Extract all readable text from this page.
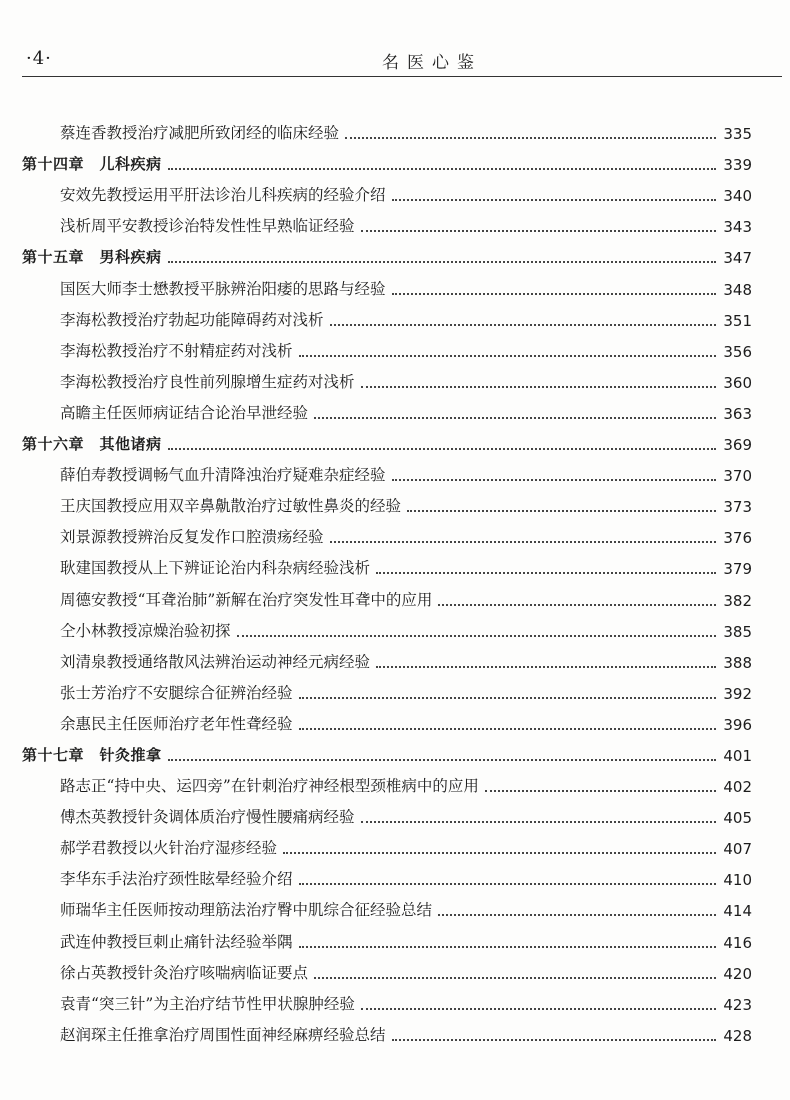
·4·	名医心鉴
蔡连香教授治疗减肥所致闭经的临床经验	335
第十四章　儿科疾病	339
安效先教授运用平肝法诊治儿科疾病的经验介绍	340
浅析周平安教授诊治特发性性早熟临证经验	343
第十五章　男科疾病	347
国医大师李士懋教授平脉辨治阳痿的思路与经验	348
李海松教授治疗勃起功能障碍药对浅析	351
李海松教授治疗不射精症药对浅析	356
李海松教授治疗良性前列腺增生症药对浅析	360
高瞻主任医师病证结合论治早泄经验	363
第十六章　其他诸病	369
薛伯寿教授调畅气血升清降浊治疗疑难杂症经验	370
王庆国教授应用双辛鼻鼽散治疗过敏性鼻炎的经验	373
刘景源教授辨治反复发作口腔溃疡经验	376
耿建国教授从上下辨证论治内科杂病经验浅析	379
周德安教授“耳聋治肺”新解在治疗突发性耳聋中的应用	382
仝小林教授凉燥治验初探	385
刘清泉教授通络散风法辨治运动神经元病经验	388
张士芳治疗不安腿综合征辨治经验	392
余惠民主任医师治疗老年性聋经验	396
第十七章　针灸推拿	401
路志正“持中央、运四旁”在针刺治疗神经根型颈椎病中的应用	402
傅杰英教授针灸调体质治疗慢性腰痛病经验	405
郝学君教授以火针治疗湿疹经验	407
李华东手法治疗颈性眩晕经验介绍	410
师瑞华主任医师按动理筋法治疗臀中肌综合征经验总结	414
武连仲教授巨刺止痛针法经验举隅	416
徐占英教授针灸治疗咳喘病临证要点	420
袁青“突三针”为主治疗结节性甲状腺肿经验	423
赵润琛主任推拿治疗周围性面神经麻痹经验总结	428
